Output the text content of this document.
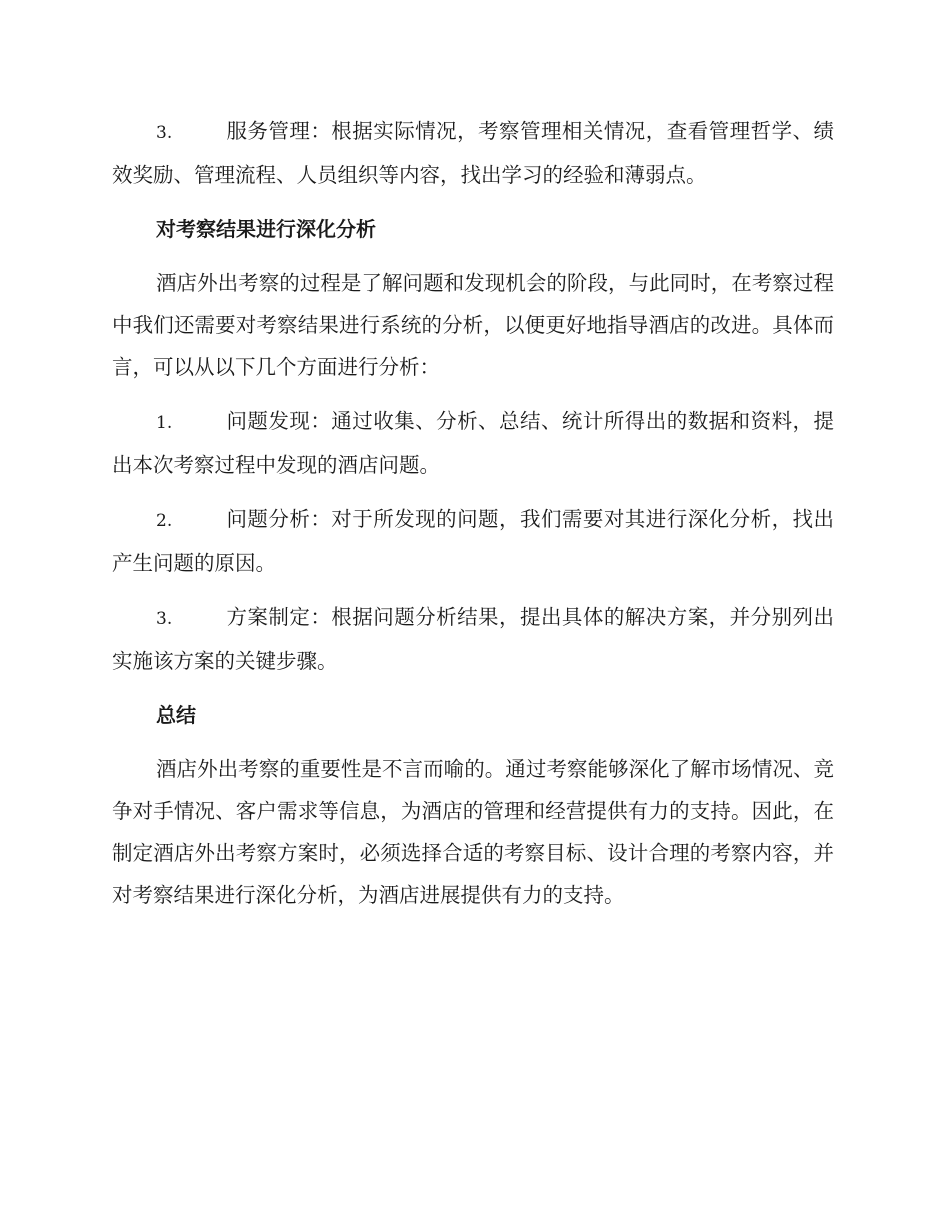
3.	服务管理：根据实际情况，考察管理相关情况，查看管理哲学、绩效奖励、管理流程、人员组织等内容，找出学习的经验和薄弱点。

对考察结果进行深化分析

酒店外出考察的过程是了解问题和发现机会的阶段，与此同时，在考察过程中我们还需要对考察结果进行系统的分析，以便更好地指导酒店的改进。具体而言，可以从以下几个方面进行分析：

1.	问题发现：通过收集、分析、总结、统计所得出的数据和资料，提出本次考察过程中发现的酒店问题。

2.	问题分析：对于所发现的问题，我们需要对其进行深化分析，找出产生问题的原因。

3.	方案制定：根据问题分析结果，提出具体的解决方案，并分别列出实施该方案的关键步骤。

总结

酒店外出考察的重要性是不言而喻的。通过考察能够深化了解市场情况、竞争对手情况、客户需求等信息，为酒店的管理和经营提供有力的支持。因此，在制定酒店外出考察方案时，必须选择合适的考察目标、设计合理的考察内容，并对考察结果进行深化分析，为酒店进展提供有力的支持。
